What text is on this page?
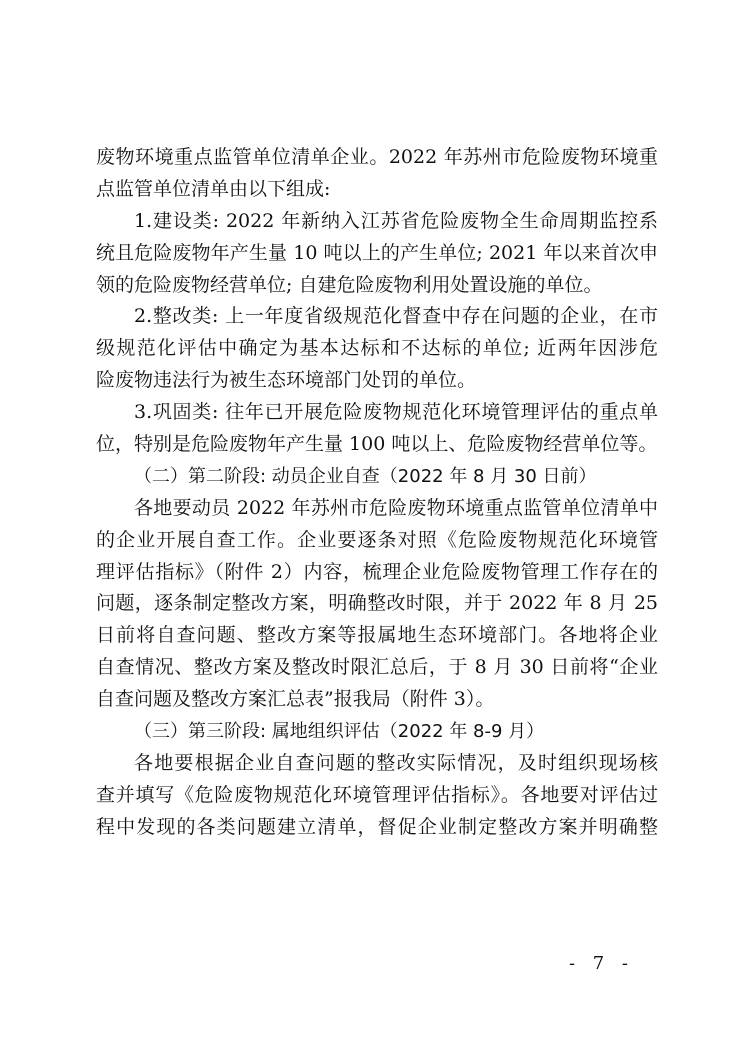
废物环境重点监管单位清单企业。2022 年苏州市危险废物环境重
点监管单位清单由以下组成:
1.建设类: 2022 年新纳入江苏省危险废物全生命周期监控系
统且危险废物年产生量 10 吨以上的产生单位; 2021 年以来首次申
领的危险废物经营单位; 自建危险废物利用处置设施的单位。
2.整改类: 上一年度省级规范化督查中存在问题的企业，在市
级规范化评估中确定为基本达标和不达标的单位; 近两年因涉危
险废物违法行为被生态环境部门处罚的单位。
3.巩固类: 往年已开展危险废物规范化环境管理评估的重点单
位，特别是危险废物年产生量 100 吨以上、危险废物经营单位等。
（二）第二阶段: 动员企业自查（2022 年 8 月 30 日前）
各地要动员 2022 年苏州市危险废物环境重点监管单位清单中
的企业开展自查工作。企业要逐条对照《危险废物规范化环境管
理评估指标》（附件 2）内容，梳理企业危险废物管理工作存在的
问题，逐条制定整改方案，明确整改时限，并于 2022 年 8 月 25
日前将自查问题、整改方案等报属地生态环境部门。各地将企业
自查情况、整改方案及整改时限汇总后，于 8 月 30 日前将“企业
自查问题及整改方案汇总表”报我局（附件 3）。
（三）第三阶段: 属地组织评估（2022 年 8-9 月）
各地要根据企业自查问题的整改实际情况，及时组织现场核
查并填写《危险废物规范化环境管理评估指标》。各地要对评估过
程中发现的各类问题建立清单，督促企业制定整改方案并明确整
- 7 -
